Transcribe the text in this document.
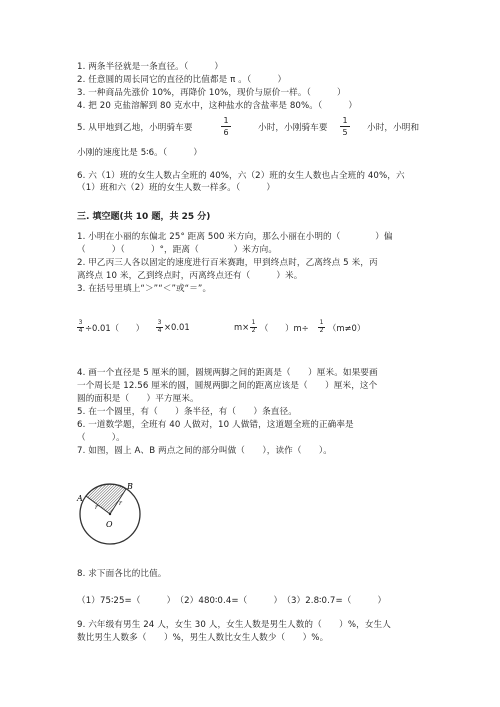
1. 两条半径就是一条直径。（　　　）
2. 任意圆的周长同它的直径的比值都是 π 。（　　　）
3. 一种商品先涨价 10%，再降价 10%，现价与原价一样。（　　　）
4. 把 20 克盐溶解到 80 克水中，这种盐水的含盐率是 80%。（　　　）
5. 从甲地到乙地，小明骑车要
1
6	小时，小刚骑车要
1
5 小时，小明和
小刚的速度比是 5∶6。（　　　）
6. 六（1）班的女生人数占全班的 40%，六（2）班的女生人数也占全班的 40%，六
（1）班和六（2）班的女生人数一样多。（　　　）
三. 填空题(共 10 题，共 25 分)
1. 小明在小丽的东偏北 25° 距离 500 米方向，那么小丽在小明的（　　　　）偏
（　　　）（　　　）°，距离（　　　　）米方向。
2. 甲乙丙三人各以固定的速度进行百米赛跑，甲到终点时，乙离终点 5 米，丙
离终点 10 米，乙到终点时，丙离终点还有（　　　）米。
3. 在括号里填上“＞”“＜”或“＝”。
3
4 ÷0.01（　　）
3
4 ×0.01	m× 1
2 （　　）m÷
1
2 （m≠0）
4. 画一个直径是 5 厘米的圆，圆规两脚之间的距离是（　　）厘米。如果要画
一个周长是 12.56 厘米的圆，圆规两脚之间的距离应该是（　　）厘米，这个
圆的面积是（　　）平方厘米。
5. 在一个圆里，有（　　）条半径，有（　　）条直径。
6. 一道数学题，全班有 40 人做对，10 人做错，这道题全班的正确率是
（　　　）。
7. 如图，圆上 A、B 两点之间的部分叫做（　　），读作（　　）。
A
B
O
r
r
8. 求下面各比的比值。
（1）75∶25=（　　　）　（2）480∶0.4=（　　　）　（3）2.8∶0.7=（　　　）
9. 六年级有男生 24 人，女生 30 人，女生人数是男生人数的（　　）%，女生人
数比男生人数多（　　）%，男生人数比女生人数少（　　）%。
